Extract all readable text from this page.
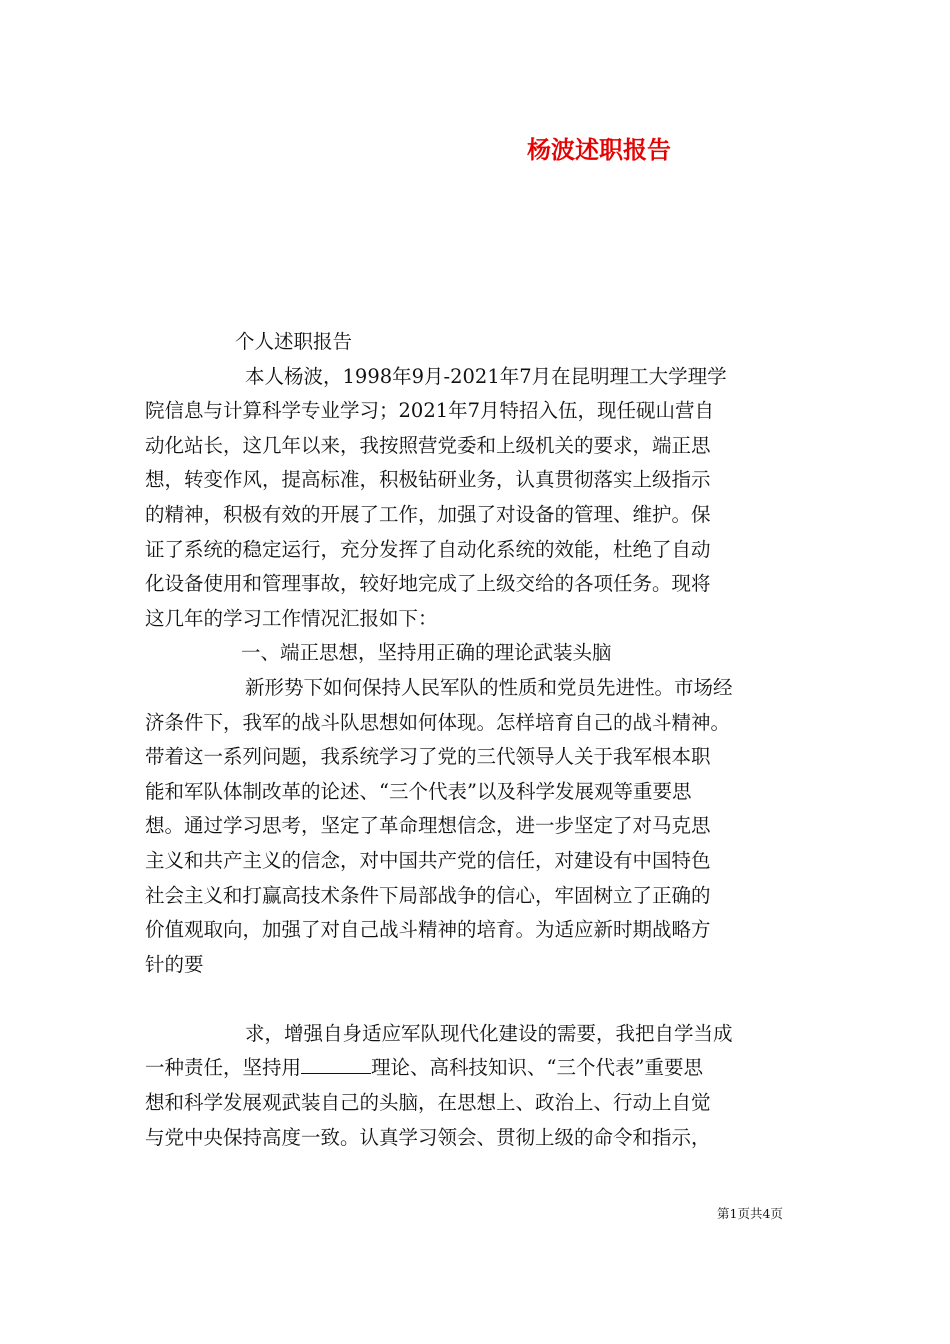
杨波述职报告
个人述职报告
本人杨波，1998年9月-2021年7月在昆明理工大学理学
院信息与计算科学专业学习；2021年7月特招入伍，现任砚山营自
动化站长，这几年以来，我按照营党委和上级机关的要求，端正思
想，转变作风，提高标准，积极钻研业务，认真贯彻落实上级指示
的精神，积极有效的开展了工作，加强了对设备的管理、维护。保
证了系统的稳定运行，充分发挥了自动化系统的效能，杜绝了自动
化设备使用和管理事故，较好地完成了上级交给的各项任务。现将
这几年的学习工作情况汇报如下：
一、端正思想，坚持用正确的理论武装头脑
新形势下如何保持人民军队的性质和党员先进性。市场经
济条件下，我军的战斗队思想如何体现。怎样培育自己的战斗精神。
带着这一系列问题，我系统学习了党的三代领导人关于我军根本职
能和军队体制改革的论述、“三个代表”以及科学发展观等重要思
想。通过学习思考，坚定了革命理想信念，进一步坚定了对马克思
主义和共产主义的信念，对中国共产党的信任，对建设有中国特色
社会主义和打赢高技术条件下局部战争的信心，牢固树立了正确的
价值观取向，加强了对自己战斗精神的培育。为适应新时期战略方
针的要
求，增强自身适应军队现代化建设的需要，我把自学当成
一种责任，坚持用	理论、高科技知识、“三个代表”重要思
想和科学发展观武装自己的头脑，在思想上、政治上、行动上自觉
与党中央保持高度一致。认真学习领会、贯彻上级的命令和指示，
第1页共4页
